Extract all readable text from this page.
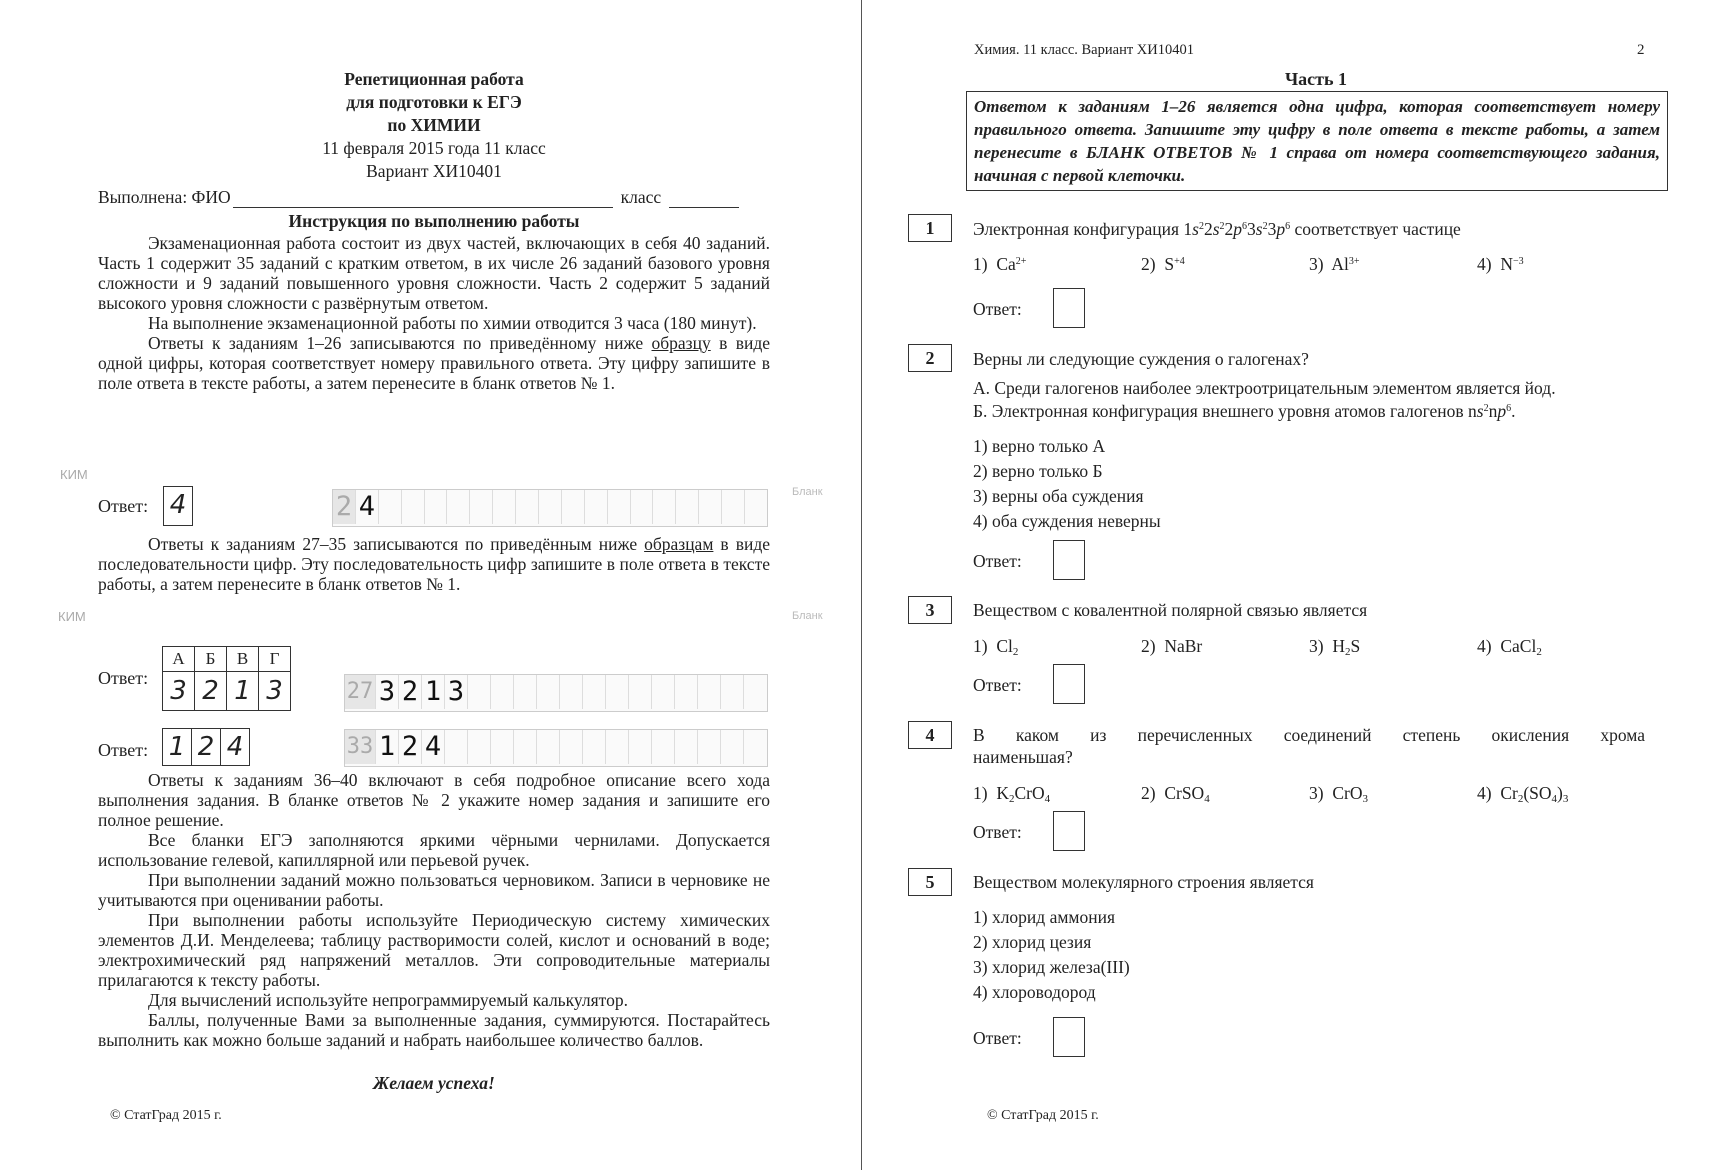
Репетиционная работа
для подготовки к ЕГЭ
по ХИМИИ
11 февраля 2015 года 11 класс
Вариант ХИ10401
Выполнена: ФИО	класс
Инструкция по выполнению работы

Экзаменационная работа состоит из двух частей, включающих в себя 40 заданий. Часть 1 содержит 35 заданий с кратким ответом, в их числе 26 заданий базового уровня сложности и 9 заданий повышенного уровня сложности. Часть 2 содержит 5 заданий высокого уровня сложности с развёрнутым ответом.

На выполнение экзаменационной работы по химии отводится 3 часа (180 минут).

Ответы к заданиям 1–26 записываются по приведённому ниже образцу в виде одной цифры, которая соответствует номеру правильного ответа. Эту цифру запишите в поле ответа в тексте работы, а затем перенесите в бланк ответов № 1.

КИМ
Бланк
Ответ: 4	2 4

Ответы к заданиям 27–35 записываются по приведённым ниже образцам в виде последовательности цифр. Эту последовательность цифр запишите в поле ответа в тексте работы, а затем перенесите в бланк ответов № 1.

КИМ	Бланк
Ответ:
А	Б	В	Г
3	2	1	3	27 3 2 1 3
Ответ: 1 2 4	33 1 2 4

Ответы к заданиям 36–40 включают в себя подробное описание всего хода выполнения задания. В бланке ответов № 2 укажите номер задания и запишите его полное решение.

Все бланки ЕГЭ заполняются яркими чёрными чернилами. Допускается использование гелевой, капиллярной или перьевой ручек.

При выполнении заданий можно пользоваться черновиком. Записи в черновике не учитываются при оценивании работы.

При выполнении работы используйте Периодическую систему химических элементов Д.И. Менделеева; таблицу растворимости солей, кислот и оснований в воде; электрохимический ряд напряжений металлов. Эти сопроводительные материалы прилагаются к тексту работы.

Для вычислений используйте непрограммируемый калькулятор.

Баллы, полученные Вами за выполненные задания, суммируются. Постарайтесь выполнить как можно больше заданий и набрать наибольшее количество баллов.

Желаем успеха!
© СтатГрад 2015 г.
Химия. 11 класс. Вариант ХИ10401	2
Часть 1
Ответом к заданиям 1–26 является одна цифра, которая соответствует номеру правильного ответа. Запишите эту цифру в поле ответа в тексте работы, а затем перенесите в БЛАНК ОТВЕТОВ № 1 справа от номера соответствующего задания, начиная с первой клеточки.
1	Электронная конфигурация $1s^22s^22p^63s^23p^6$ соответствует частице
1)  $Ca^{2+}$	2)  $S^{+4}$	3)  $Al^{3+}$	4)  $N^{-3}$
Ответ:
2	Верны ли следующие суждения о галогенах?
А. Среди галогенов наиболее электроотрицательным элементом является йод.
Б. Электронная конфигурация внешнего уровня атомов галогенов $ns^2np^6$.
1) верно только А
2) верно только Б
3) верны оба суждения
4) оба суждения неверны
Ответ:
3	Веществом с ковалентной полярной связью является
1)  $Cl_2$	2)  NaBr	3)  $H_2S$	4)  CaCl$_2$
Ответ:
4	В каком из перечисленных соединений степень окисления хрома
наименьшая?
1)  $K_2CrO_4$	2)  CrSO$_4$	3)  CrO$_3$	4)  $Cr_2(SO_4)_3$
Ответ:
5	Веществом молекулярного строения является
1) хлорид аммония
2) хлорид цезия
3) хлорид железа(III)
4) хлороводород
Ответ:
© СтатГрад 2015 г.
